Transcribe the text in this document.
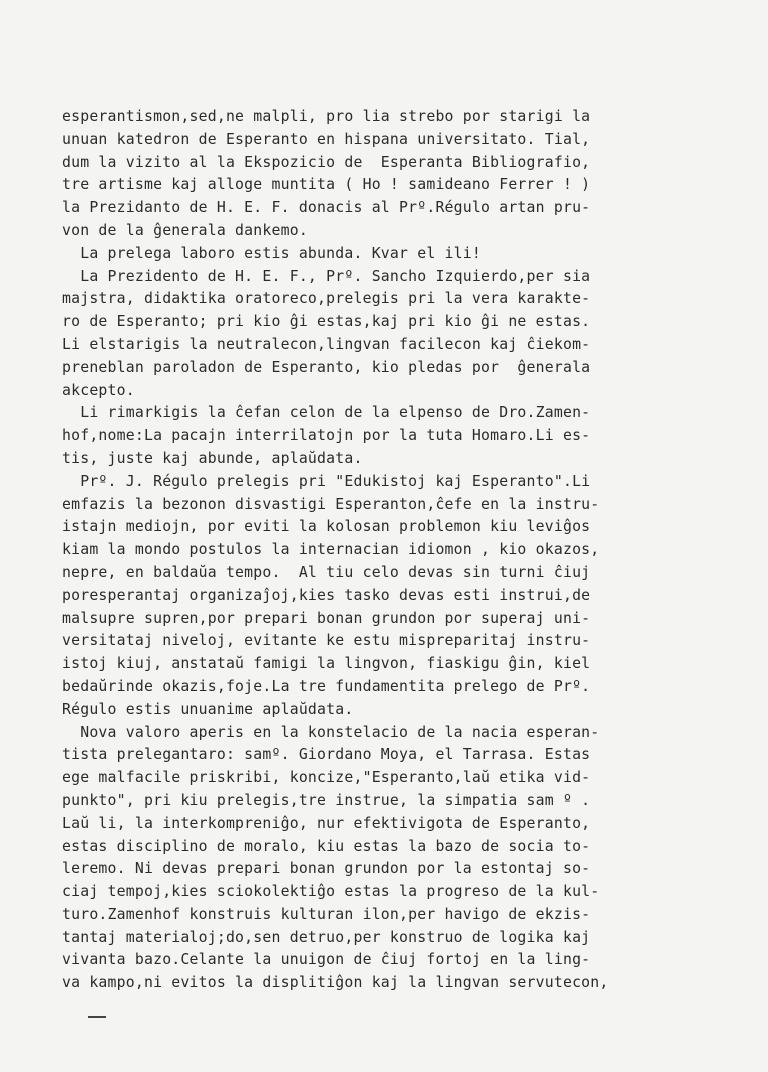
esperantismon,sed,ne malpli, pro lia strebo por starigi la
unuan katedron de Esperanto en hispana universitato. Tial,
dum la vizito al la Ekspozicio de  Esperanta Bibliografio,
tre artisme kaj alloge muntita ( Ho ! samideano Ferrer ! )
la Prezidanto de H. E. F. donacis al Prº.Régulo artan pru-
von de la ĝenerala dankemo.
La prelega laboro estis abunda. Kvar el ili!
La Prezidento de H. E. F., Prº. Sancho Izquierdo,per sia
majstra, didaktika oratoreco,prelegis pri la vera karakte-
ro de Esperanto; pri kio ĝi estas,kaj pri kio ĝi ne estas.
Li elstarigis la neutralecon,lingvan facilecon kaj ĉiekom-
preneblan paroladon de Esperanto, kio pledas por  ĝenerala
akcepto.
Li rimarkigis la ĉefan celon de la elpenso de Dro.Zamen-
hof,nome:La pacajn interrilatojn por la tuta Homaro.Li es-
tis, juste kaj abunde, aplaŭdata.
Prº. J. Régulo prelegis pri "Edukistoj kaj Esperanto".Li
emfazis la bezonon disvastigi Esperanton,ĉefe en la instru-
istajn mediojn, por eviti la kolosan problemon kiu leviĝos
kiam la mondo postulos la internacian idiomon , kio okazos,
nepre, en baldaŭa tempo.  Al tiu celo devas sin turni ĉiuj
poresperantaj organizaĵoj,kies tasko devas esti instrui,de
malsupre supren,por prepari bonan grundon por superaj uni-
versitataj niveloj, evitante ke estu mispreparitaj instru-
istoj kiuj, anstataŭ famigi la lingvon, fiaskigu ĝin, kiel
bedaŭrinde okazis,foje.La tre fundamentita prelego de Prº.
Régulo estis unuanime aplaŭdata.
Nova valoro aperis en la konstelacio de la nacia esperan-
tista prelegantaro: samº. Giordano Moya, el Tarrasa. Estas
ege malfacile priskribi, koncize,"Esperanto,laŭ etika vid-
punkto", pri kiu prelegis,tre instrue, la simpatia sam º .
Laŭ li, la interkompreniĝo, nur efektivigota de Esperanto,
estas disciplino de moralo, kiu estas la bazo de socia to-
leremo. Ni devas prepari bonan grundon por la estontaj so-
ciaj tempoj,kies sciokolektiĝo estas la progreso de la kul-
turo.Zamenhof konstruis kulturan ilon,per havigo de ekzis-
tantaj materialoj;do,sen detruo,per konstruo de logika kaj
vivanta bazo.Celante la unuigon de ĉiuj fortoj en la ling-
va kampo,ni evitos la displitiĝon kaj la lingvan servutecon,
